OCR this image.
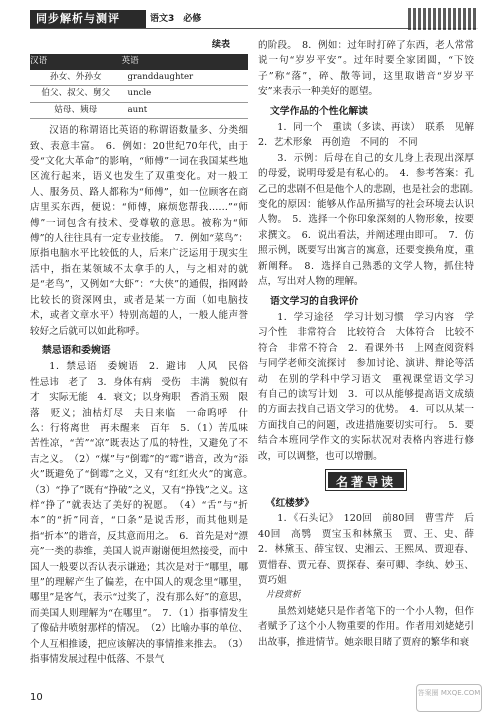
同步解析与测评	语文3　必修
续表
汉语	英语
孙女、外孙女	granddaughter
伯父、叔父、舅父	uncle
姑母、姨母	aunt

汉语的称谓语比英语的称谓语数量多、分类细致、表意丰富。　6．例如：20世纪70年代，由于受“文化大革命”的影响，“师傅”一词在我国某些地区流行起来，语义也发生了双重变化。对一般工人、服务员、路人都称为“师傅”，如一位顾客在商店里买东西，便说：“师傅，麻烦您帮我……”“师傅”一词包含有技术、受尊敬的意思。被称为“师傅”的人往往具有一定专业技能。　7．例如“菜鸟”：原指电脑水平比较低的人，后来广泛运用于现实生活中，指在某领域不太拿手的人，与之相对的就是“老鸟”，又例如“大虾”：“大侠”的通假，指网龄比较长的资深网虫，或者是某一方面（如电脑技术，或者文章水平）特别高超的人，一般人能声誉较好之后就可以如此称呼。

禁忌语和委婉语

1．禁忌语　委婉语　2．避讳　人风　民俗　性忌讳　老了　3．身体有病　受伤　丰满　貌似有才　实际无能　4．衰文；以身殉职　香消玉殒　限落　贬义；油枯灯尽　夫日来临　一命呜呼　什么：行将离世　再未醒来　百年　5．（1）苦瓜味苦性凉，“苦”“凉”既表达了瓜的特性，又避免了不吉之义。　（2）“煤”与“倒霉”的“霉”谐音，改为“添火”既避免了“倒霉”之义，又有“红红火火”的寓意。　（3）“挣了”既有“挣破”之义，又有“挣钱”之义。这样“挣了”就表达了美好的祝愿。　（4）“舌”与“折本”的“折”同音，“口条”是说舌形，而其他则是指“折本”的谐音，反其意而用之。　6．首先是对“漂亮”一类的恭维，美国人说声谢谢便坦然接受，而中国人一般要以否认表示谦逊；其次是对于“哪里，哪里”的理解产生了偏差，在中国人的观念里“哪里，哪里”是客气，表示“过奖了，没有那么好”的意思，而美国人则理解为“在哪里”。　7．（1）指事情发生了像砧井喷射那样的情况。　（2）比喻办事的单位、个人互相推诿，把应该解决的事情推来推去。　（3）指事情发展过程中低落、不景气

的阶段。　8．例如：过年时打碎了东西，老人常常说一句“岁岁平安”。过年时要全家团圆，“下饺子”称“落”，碎、散等词，这里取谐音“岁岁平安”来表示一种美好的愿望。

文学作品的个性化解读

1．同一个　重读（多读、再读）　联系　见解　2．艺术形象　再创造　不同的　不同

3．示例：后母在自己的女儿身上表现出深厚的母爱，说明母爱是有私心的。　4．参考答案：孔乙己的悲剧不但是他个人的悲剧，也是社会的悲剧。　变化的原因：能够从作品所描写的社会环境去认识人物。　5．选择一个你印象深刻的人物形象，按要求撰文。　6．说出看法，并阐述理由即可。　7．仿照示例，既要写出寓言的寓意，还要变换角度，重新阐释。　8．选择自己熟悉的文学人物，抓住特点，写出对人物的理解。

语文学习的自我评价

1．学习途径　学习计划习惯　学习内容　学习个性　非常符合　比较符合　大体符合　比较不符合　非常不符合　2．看课外书　上网查阅资料　与同学老师交流探讨　参加讨论、演讲、辩论等活动　在别的学科中学习语文　重视课堂语文学习　有自己的读写计划　3．可以从能够提高语文成绩的方面去找自己语文学习的优势。　4．可以从某一方面找自己的问题，改进措施要切实可行。　5．要结合本班同学作文的实际状况对表格内容进行修改，可以调整，也可以增删。

名著导读
《红楼梦》

1．《石头记》　120回　前80回　曹雪芹　后40回　高鹗　贾宝玉和林黛玉　贾、王、史、薛　2．林黛玉、薛宝钗、史湘云、王熙凤、贾迎春、贾惜春、贾元春、贾探春、秦可卿、李纨、妙玉、贾巧姐

片段赏析

虽然刘姥姥只是作者笔下的一个小人物，但作者赋予了这个小人物重要的作用。作者用刘姥姥引出故事，推进情节。她亲眼目睹了贾府的繁华和衰

10	答案圈 MXQE.COM
